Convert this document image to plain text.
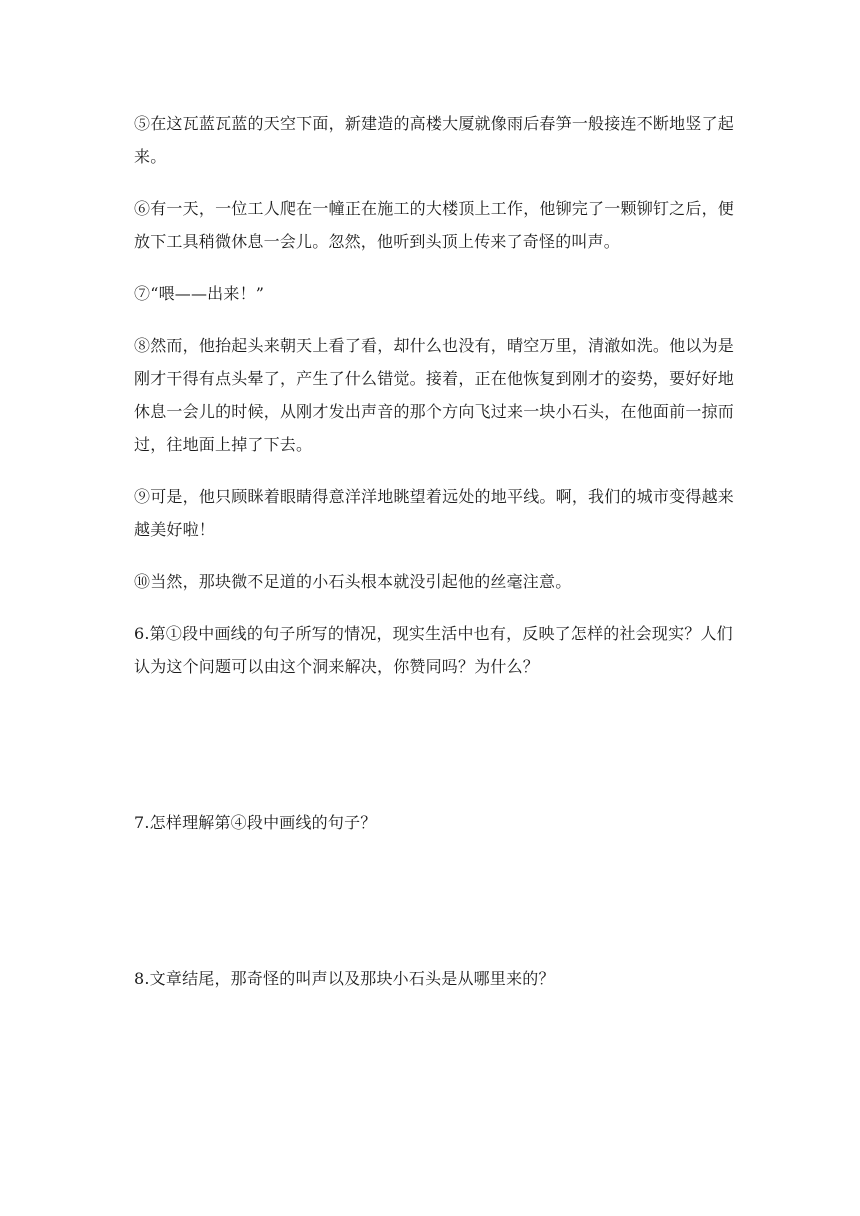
⑤在这瓦蓝瓦蓝的天空下面，新建造的高楼大厦就像雨后春笋一般接连不断地竖了起来。

⑥有一天，一位工人爬在一幢正在施工的大楼顶上工作，他铆完了一颗铆钉之后，便放下工具稍微休息一会儿。忽然，他听到头顶上传来了奇怪的叫声。

⑦“喂——出来！”

⑧然而，他抬起头来朝天上看了看，却什么也没有，晴空万里，清澈如洗。他以为是刚才干得有点头晕了，产生了什么错觉。接着，正在他恢复到刚才的姿势，要好好地休息一会儿的时候，从刚才发出声音的那个方向飞过来一块小石头，在他面前一掠而过，往地面上掉了下去。

⑨可是，他只顾眯着眼睛得意洋洋地眺望着远处的地平线。啊，我们的城市变得越来越美好啦！

⑩当然，那块微不足道的小石头根本就没引起他的丝毫注意。

6.第①段中画线的句子所写的情况，现实生活中也有，反映了怎样的社会现实？人们认为这个问题可以由这个洞来解决，你赞同吗？为什么？

7.怎样理解第④段中画线的句子？

8.文章结尾，那奇怪的叫声以及那块小石头是从哪里来的？
